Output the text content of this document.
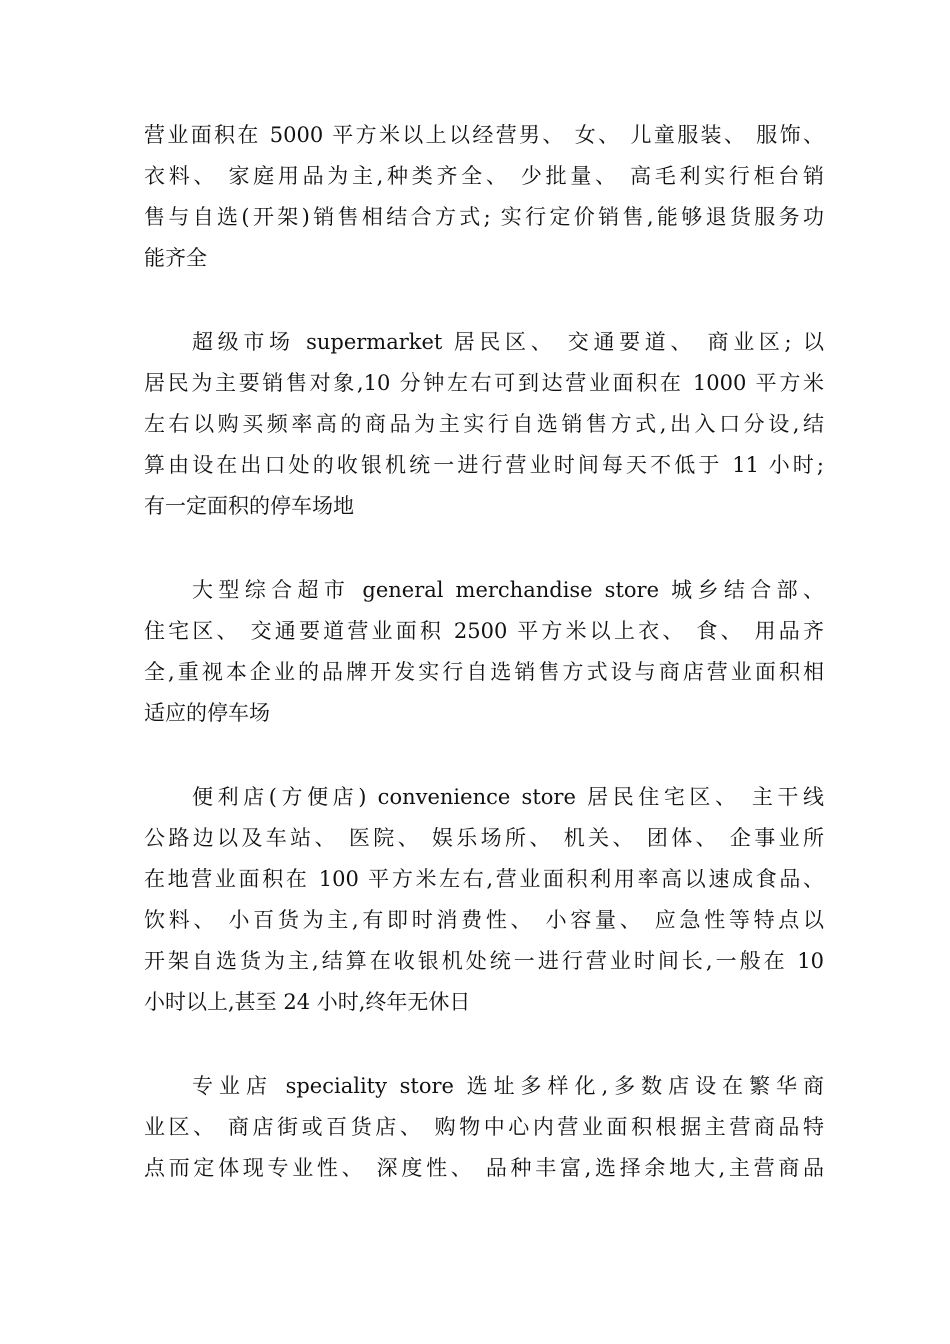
营业面积在 5000 平方米以上以经营男、 女、 儿童服装、 服饰、
衣料、 家庭用品为主,种类齐全、 少批量、 高毛利实行柜台销
售与自选(开架)销售相结合方式; 实行定价销售,能够退货服务功
能齐全
超级市场 supermarket 居民区、 交通要道、 商业区; 以
居民为主要销售对象,10 分钟左右可到达营业面积在 1000 平方米
左右以购买频率高的商品为主实行自选销售方式,出入口分设,结
算由设在出口处的收银机统一进行营业时间每天不低于 11 小时;
有一定面积的停车场地
大型综合超市 general merchandise store 城乡结合部、
住宅区、 交通要道营业面积 2500 平方米以上衣、 食、 用品齐
全,重视本企业的品牌开发实行自选销售方式设与商店营业面积相
适应的停车场
便利店(方便店) convenience store 居民住宅区、 主干线
公路边以及车站、 医院、 娱乐场所、 机关、 团体、 企事业所
在地营业面积在 100 平方米左右,营业面积利用率高以速成食品、
饮料、 小百货为主,有即时消费性、 小容量、 应急性等特点以
开架自选货为主,结算在收银机处统一进行营业时间长,一般在 10
小时以上,甚至 24 小时,终年无休日
专业店 speciality store 选址多样化,多数店设在繁华商
业区、 商店街或百货店、 购物中心内营业面积根据主营商品特
点而定体现专业性、 深度性、 品种丰富,选择余地大,主营商品
